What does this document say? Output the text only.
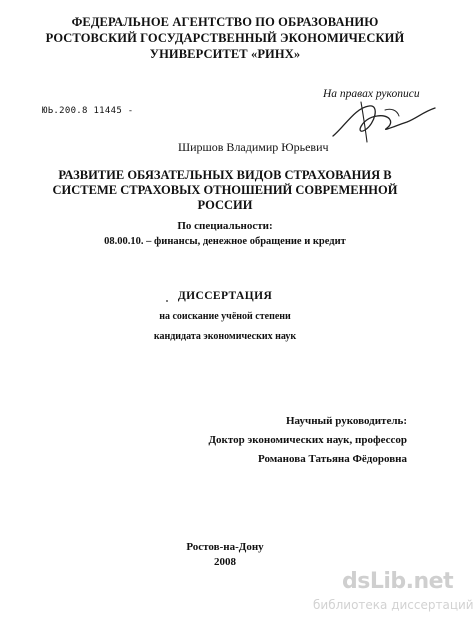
ФЕДЕРАЛЬНОЕ АГЕНТСТВО ПО ОБРАЗОВАНИЮ
РОСТОВСКИЙ ГОСУДАРСТВЕННЫЙ ЭКОНОМИЧЕСКИЙ
УНИВЕРСИТЕТ «РИНХ»
ЮЬ.200.8 11445 -
На правах рукописи
Ширшов Владимир Юрьевич
РАЗВИТИЕ ОБЯЗАТЕЛЬНЫХ ВИДОВ СТРАХОВАНИЯ В
СИСТЕМЕ СТРАХОВЫХ ОТНОШЕНИЙ СОВРЕМЕННОЙ
РОССИИ
По специальности:
08.00.10. – финансы, денежное обращение и кредит
ДИССЕРТАЦИЯ
на соискание учёной степени
кандидата экономических наук
Научный руководитель:
Доктор экономических наук, профессор
Романова Татьяна Фёдоровна
Ростов-на-Дону
2008
dsLib.net
библиотека диссертаций
